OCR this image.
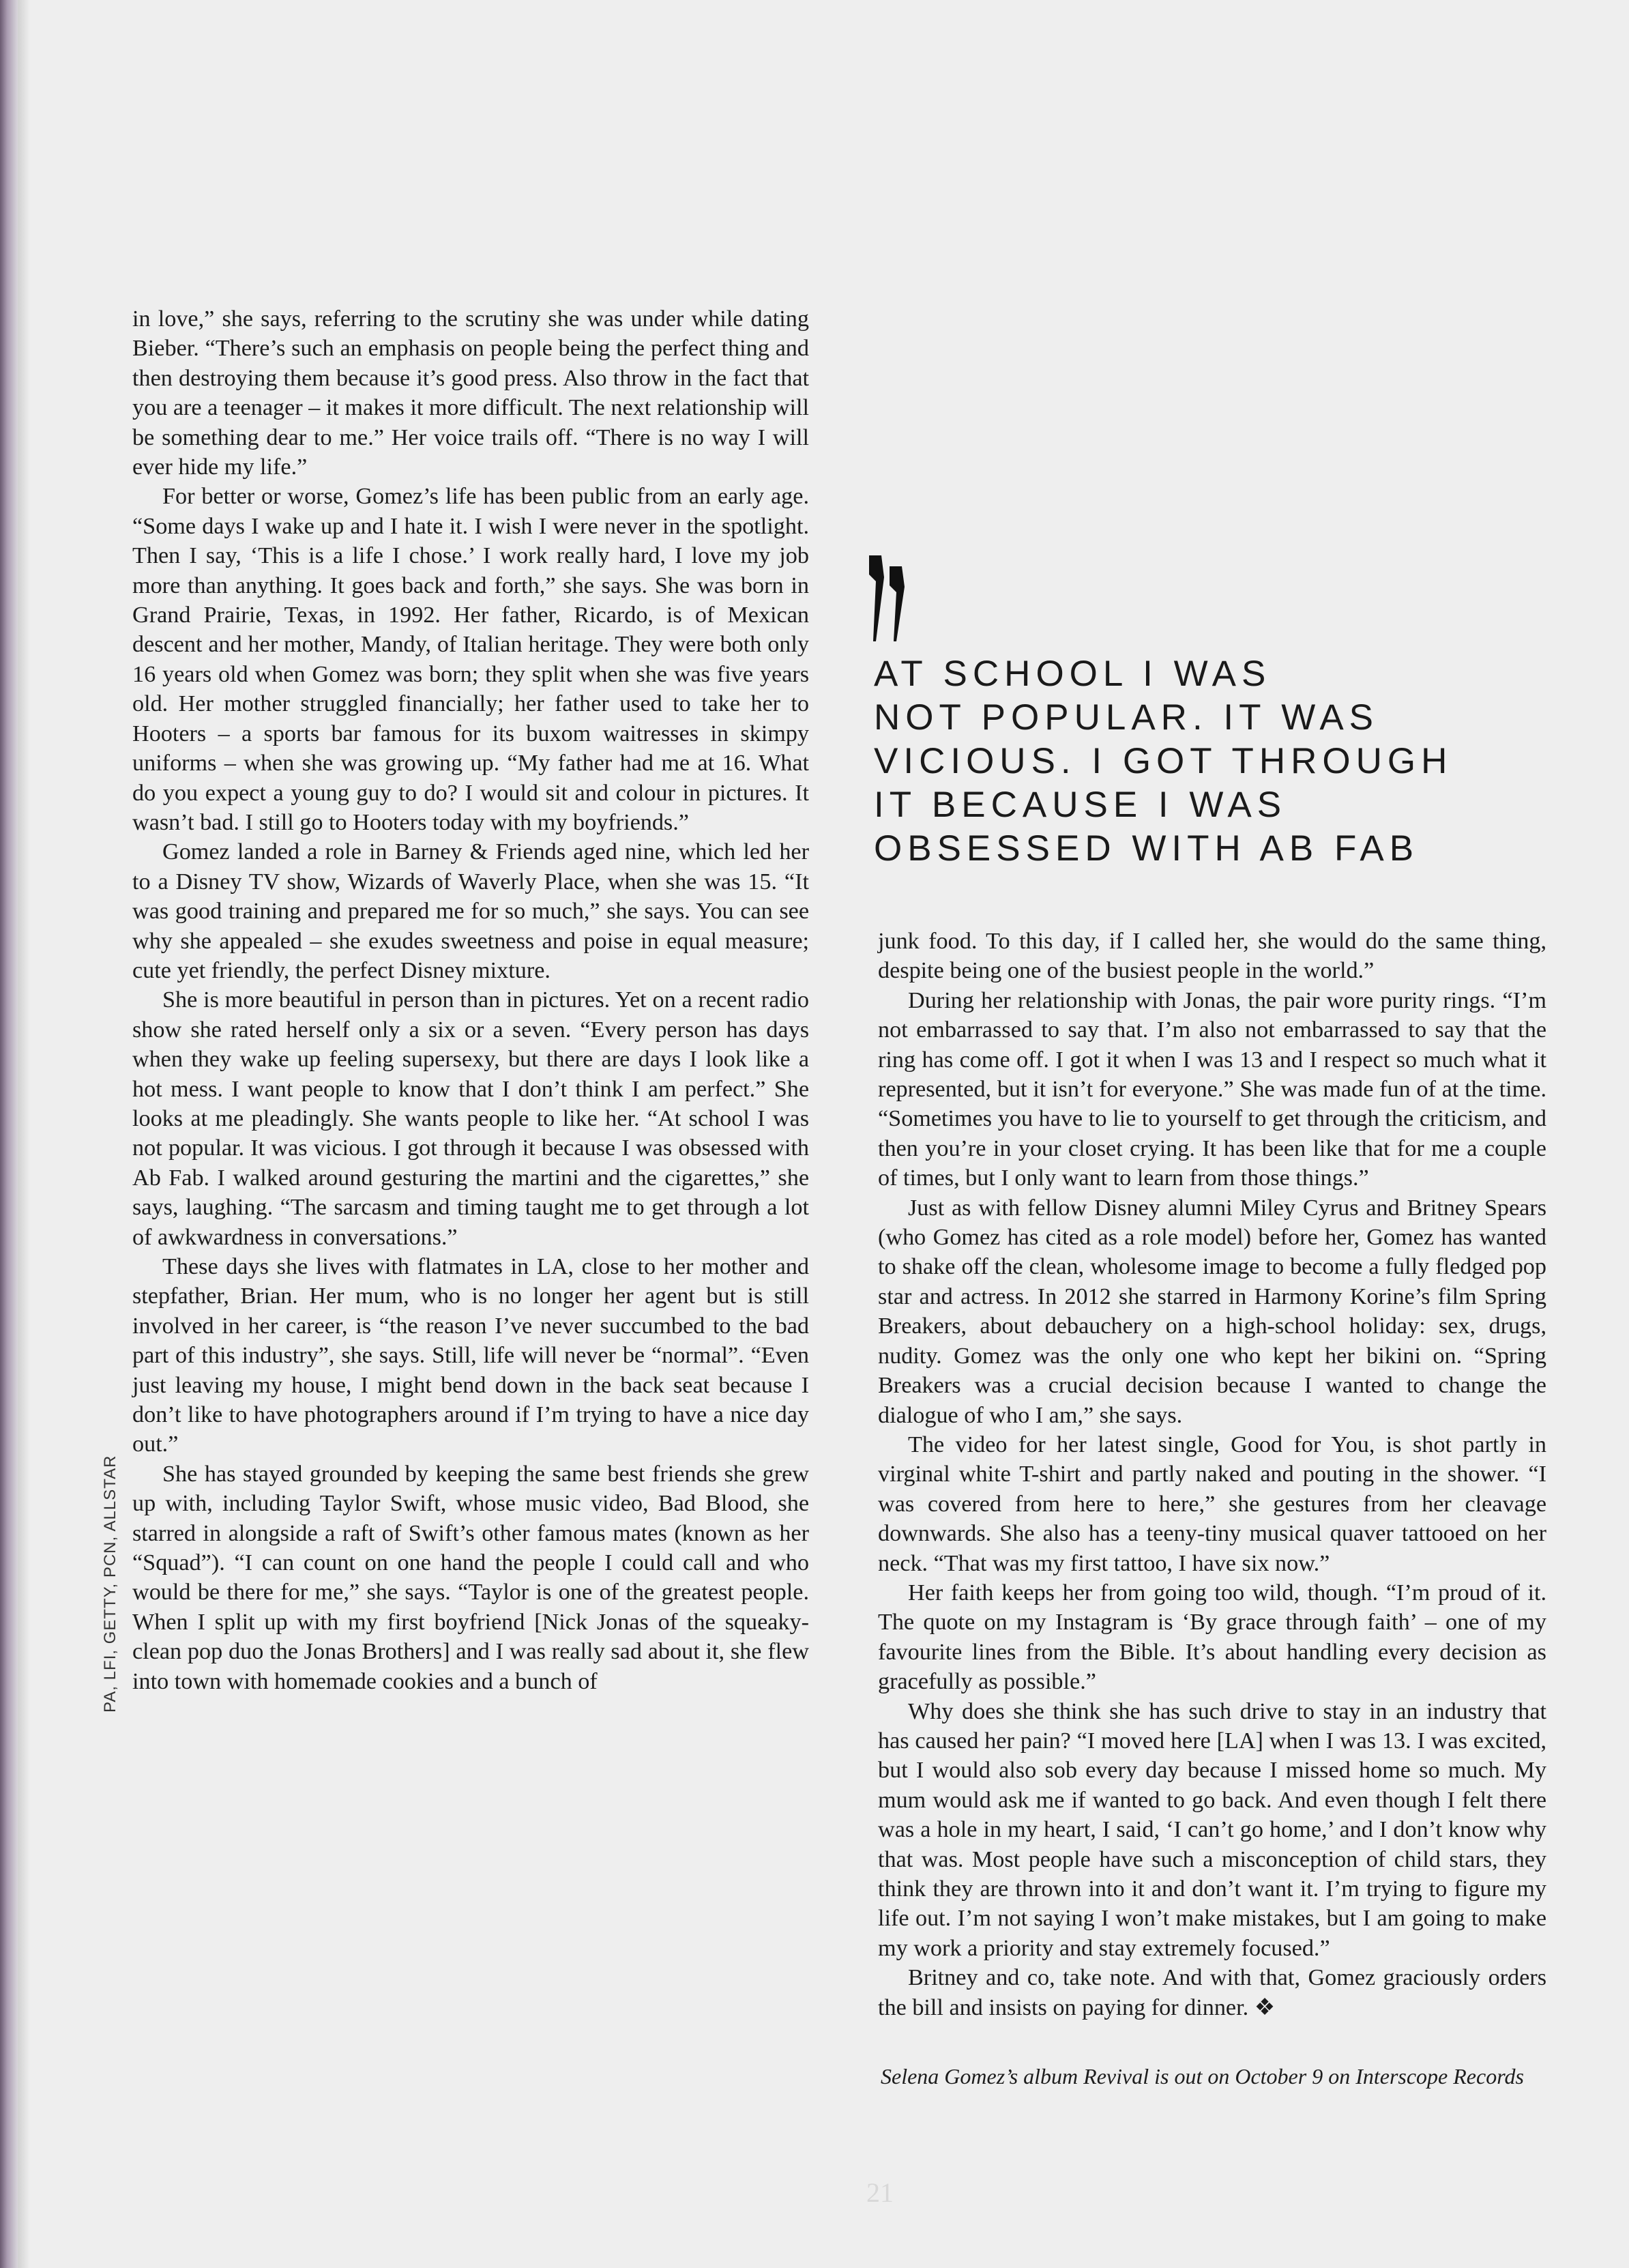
in love,” she says, referring to the scrutiny she was under while dating Bieber. “There’s such an emphasis on people being the perfect thing and then destroying them because it’s good press. Also throw in the fact that you are a teenager – it makes it more difficult. The next relationship will be something dear to me.” Her voice trails off. “There is no way I will ever hide my life.”

For better or worse, Gomez’s life has been public from an early age. “Some days I wake up and I hate it. I wish I were never in the spotlight. Then I say, ‘This is a life I chose.’ I work really hard, I love my job more than anything. It goes back and forth,” she says. She was born in Grand Prairie, Texas, in 1992. Her father, Ricardo, is of Mexican descent and her mother, Mandy, of Italian heritage. They were both only 16 years old when Gomez was born; they split when she was five years old. Her mother struggled financially; her father used to take her to Hooters – a sports bar famous for its buxom waitresses in skimpy uniforms – when she was growing up. “My father had me at 16. What do you expect a young guy to do? I would sit and colour in pictures. It wasn’t bad. I still go to Hooters today with my boyfriends.”

Gomez landed a role in Barney & Friends aged nine, which led her to a Disney TV show, Wizards of Waverly Place, when she was 15. “It was good training and prepared me for so much,” she says. You can see why she appealed – she exudes sweetness and poise in equal measure; cute yet friendly, the perfect Disney mixture.

She is more beautiful in person than in pictures. Yet on a recent radio show she rated herself only a six or a seven. “Every person has days when they wake up feeling supersexy, but there are days I look like a hot mess. I want people to know that I don’t think I am perfect.” She looks at me pleadingly. She wants people to like her. “At school I was not popular. It was vicious. I got through it because I was obsessed with Ab Fab. I walked around gesturing the martini and the cigarettes,” she says, laughing. “The sarcasm and timing taught me to get through a lot of awkwardness in conversations.”

These days she lives with flatmates in LA, close to her mother and stepfather, Brian. Her mum, who is no longer her agent but is still involved in her career, is “the reason I’ve never succumbed to the bad part of this industry”, she says. Still, life will never be “normal”. “Even just leaving my house, I might bend down in the back seat because I don’t like to have photographers around if I’m trying to have a nice day out.”

She has stayed grounded by keeping the same best friends she grew up with, including Taylor Swift, whose music video, Bad Blood, she starred in alongside a raft of Swift’s other famous mates (known as her “Squad”). “I can count on one hand the people I could call and who would be there for me,” she says. “Taylor is one of the greatest people. When I split up with my first boyfriend [Nick Jonas of the squeaky-clean pop duo the Jonas Brothers] and I was really sad about it, she flew into town with homemade cookies and a bunch of

PA, LFI, GETTY, PCN, ALLSTAR
AT SCHOOL I WAS
NOT POPULAR. IT WAS
VICIOUS. I GOT THROUGH
IT BECAUSE I WAS
OBSESSED WITH AB FAB

junk food. To this day, if I called her, she would do the same thing, despite being one of the busiest people in the world.”

During her relationship with Jonas, the pair wore purity rings. “I’m not embarrassed to say that. I’m also not embarrassed to say that the ring has come off. I got it when I was 13 and I respect so much what it represented, but it isn’t for everyone.” She was made fun of at the time. “Sometimes you have to lie to yourself to get through the criticism, and then you’re in your closet crying. It has been like that for me a couple of times, but I only want to learn from those things.”

Just as with fellow Disney alumni Miley Cyrus and Britney Spears (who Gomez has cited as a role model) before her, Gomez has wanted to shake off the clean, wholesome image to become a fully fledged pop star and actress. In 2012 she starred in Harmony Korine’s film Spring Breakers, about debauchery on a high-school holiday: sex, drugs, nudity. Gomez was the only one who kept her bikini on. “Spring Breakers was a crucial decision because I wanted to change the dialogue of who I am,” she says.

The video for her latest single, Good for You, is shot partly in virginal white T-shirt and partly naked and pouting in the shower. “I was covered from here to here,” she gestures from her cleavage downwards. She also has a teeny-tiny musical quaver tattooed on her neck. “That was my first tattoo, I have six now.”

Her faith keeps her from going too wild, though. “I’m proud of it. The quote on my Instagram is ‘By grace through faith’ – one of my favourite lines from the Bible. It’s about handling every decision as gracefully as possible.”

Why does she think she has such drive to stay in an industry that has caused her pain? “I moved here [LA] when I was 13. I was excited, but I would also sob every day because I missed home so much. My mum would ask me if wanted to go back. And even though I felt there was a hole in my heart, I said, ‘I can’t go home,’ and I don’t know why that was. Most people have such a misconception of child stars, they think they are thrown into it and don’t want it. I’m trying to figure my life out. I’m not saying I won’t make mistakes, but I am going to make my work a priority and stay extremely focused.”

Britney and co, take note. And with that, Gomez graciously orders the bill and insists on paying for dinner. ❖

Selena Gomez’s album Revival is out on October 9 on Interscope Records
21
